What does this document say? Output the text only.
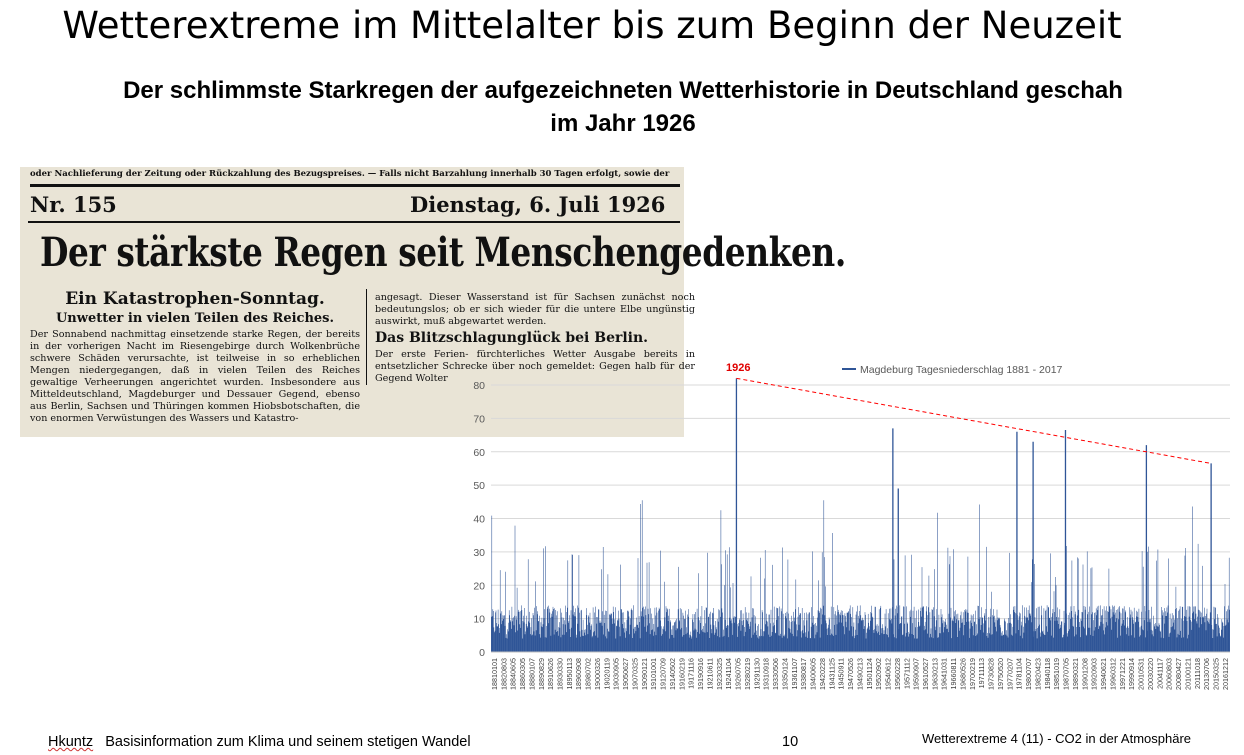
Wetterextreme im Mittelalter bis zum Beginn der Neuzeit
Der schlimmste Starkregen der aufgezeichneten Wetterhistorie in Deutschland geschah
im Jahr 1926
oder Nachlieferung der Zeitung oder Rückzahlung des Bezugspreises. — Falls nicht Barzahlung innerhalb 30 Tagen erfolgt, sowie der
Nr. 155	Dienstag, 6. Juli 1926
Der stärkste Regen seit Menschengedenken.
Ein Katastrophen-Sonntag.
Unwetter in vielen Teilen des Reiches.
Der Sonnabend nachmittag einsetzende starke Regen, der bereits in der vorherigen Nacht im Riesengebirge durch Wolkenbrüche schwere Schäden verursachte, ist teilweise in so erheblichen Mengen niedergegangen, daß in vielen Teilen des Reiches gewaltige Verheerungen angerichtet wurden. Insbesondere aus Mitteldeutschland, Magdeburger und Dessauer Gegend, ebenso aus Berlin, Sachsen und Thüringen kommen Hiobsbotschaften, die von enormen Verwüstungen des Wassers und Katastro-
angesagt. Dieser Wasserstand ist für Sachsen zunächst noch bedeutungslos; ob er sich wieder für die untere Elbe ungünstig auswirkt, muß abgewartet werden.
Das Blitzschlagunglück bei Berlin.
Der erste Ferien- fürchterliches Wetter Ausgabe bereits in entsetzlicher Schrecke über noch gemeldet: Gegen halb für der Gegend Wolter
0
10
20
30
40
50
60
70
80
18810101 18820803 18840605 18860305 18880107 18890829 18910626 18930330 18950113 18960908 18980702 19000326 19020119 19030905 19050627 19070325 19090121 19101001 19120709 19140502 19160219 19171116 19190916 19210611 19230325 19241104 19260705 19280219 19291130 19310918 19330506 19350124 19361107 19380817 19400605 19420228 19431125 19450911 19470526 19490213 19501124 19520902 19540612 19560228 19571112 19590907 19610527 19630213 19641031 19660811 19680526 19700219 19711113 19730828 19750520 19770207 19781104 19800707 19820423 19840118 19851019 19870705 19890321 19901208 19920903 19940621 19960312 19971221 19990914 20010531 20030220 20041117 20060803 20080427 20100121 20111018 20130706 20150325 20161212
Magdeburg Tagesniederschlag 1881 - 2017
1926
Hkuntz Basisinformation zum Klima und seinem stetigen Wandel	10	Wetterextreme 4 (11) - CO2 in der Atmosphäre
